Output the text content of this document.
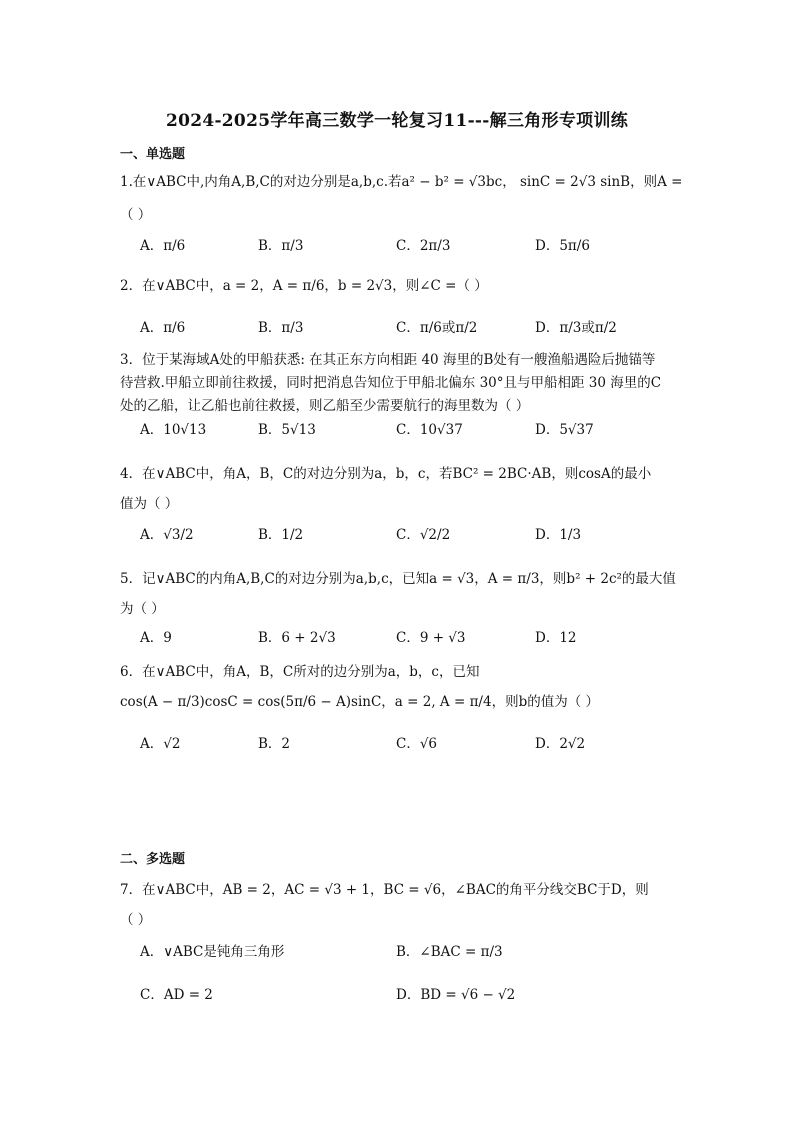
2024-2025学年高三数学一轮复习11---解三角形专项训练
一、单选题
1.在∨ABC中,内角A,B,C的对边分别是a,b,c.若a² − b² = √3bc， sinC = 2√3 sinB，则A =
（ ）
A．π/6	B．π/3	C．2π/3	D．5π/6
2．在∨ABC中，a = 2，A = π/6，b = 2√3，则∠C =（ ）
A．π/6	B．π/3	C．π/6或π/2	D．π/3或π/2
3．位于某海域A处的甲船获悉: 在其正东方向相距 40 海里的B处有一艘渔船遇险后抛锚等
待营救.甲船立即前往救援，同时把消息告知位于甲船北偏东 30°且与甲船相距 30 海里的C
处的乙船，让乙船也前往救援，则乙船至少需要航行的海里数为（ ）
A．10√13	B．5√13	C．10√37	D．5√37
4．在∨ABC中，角A，B，C的对边分别为a，b，c，若BC² = 2BC·AB，则cosA的最小
值为（ ）
A．√3/2	B．1/2	C．√2/2	D．1/3
5．记∨ABC的内角A,B,C的对边分别为a,b,c，已知a = √3，A = π/3，则b² + 2c²的最大值
为（ ）
A．9	B．6 + 2√3	C．9 + √3	D．12
6．在∨ABC中，角A，B，C所对的边分别为a，b，c，已知
cos(A − π/3)cosC = cos(5π/6 − A)sinC，a = 2, A = π/4，则b的值为（ ）
A．√2	B．2	C．√6	D．2√2
二、多选题
7．在∨ABC中，AB = 2，AC = √3 + 1，BC = √6，∠BAC的角平分线交BC于D，则
（ ）
A．∨ABC是钝角三角形	B．∠BAC = π/3
C．AD = 2	D．BD = √6 − √2
